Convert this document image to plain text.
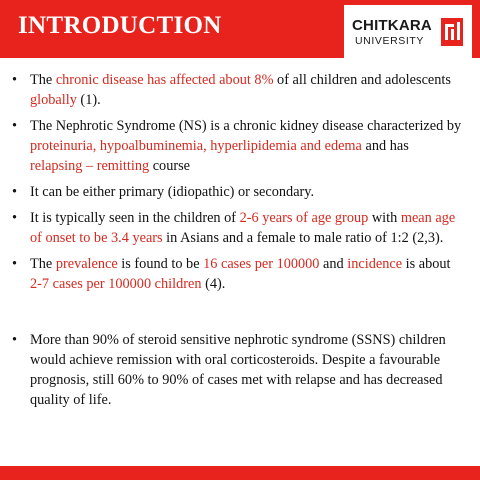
INTRODUCTION	CHITKARA
UNIVERSITY
• The chronic disease has affected about 8% of all children and adolescents globally (1).
• The Nephrotic Syndrome (NS) is a chronic kidney disease characterized by proteinuria, hypoalbuminemia, hyperlipidemia and edema and has relapsing – remitting course
• It can be either primary (idiopathic) or secondary.
• It is typically seen in the children of 2-6 years of age group with mean age of onset to be 3.4 years in Asians and a female to male ratio of 1:2 (2,3).
• The prevalence is found to be 16 cases per 100000 and incidence is about 2-7 cases per 100000 children (4).
• More than 90% of steroid sensitive nephrotic syndrome (SSNS) children would achieve remission with oral corticosteroids. Despite a favourable prognosis, still 60% to 90% of cases met with relapse and has decreased quality of life.
